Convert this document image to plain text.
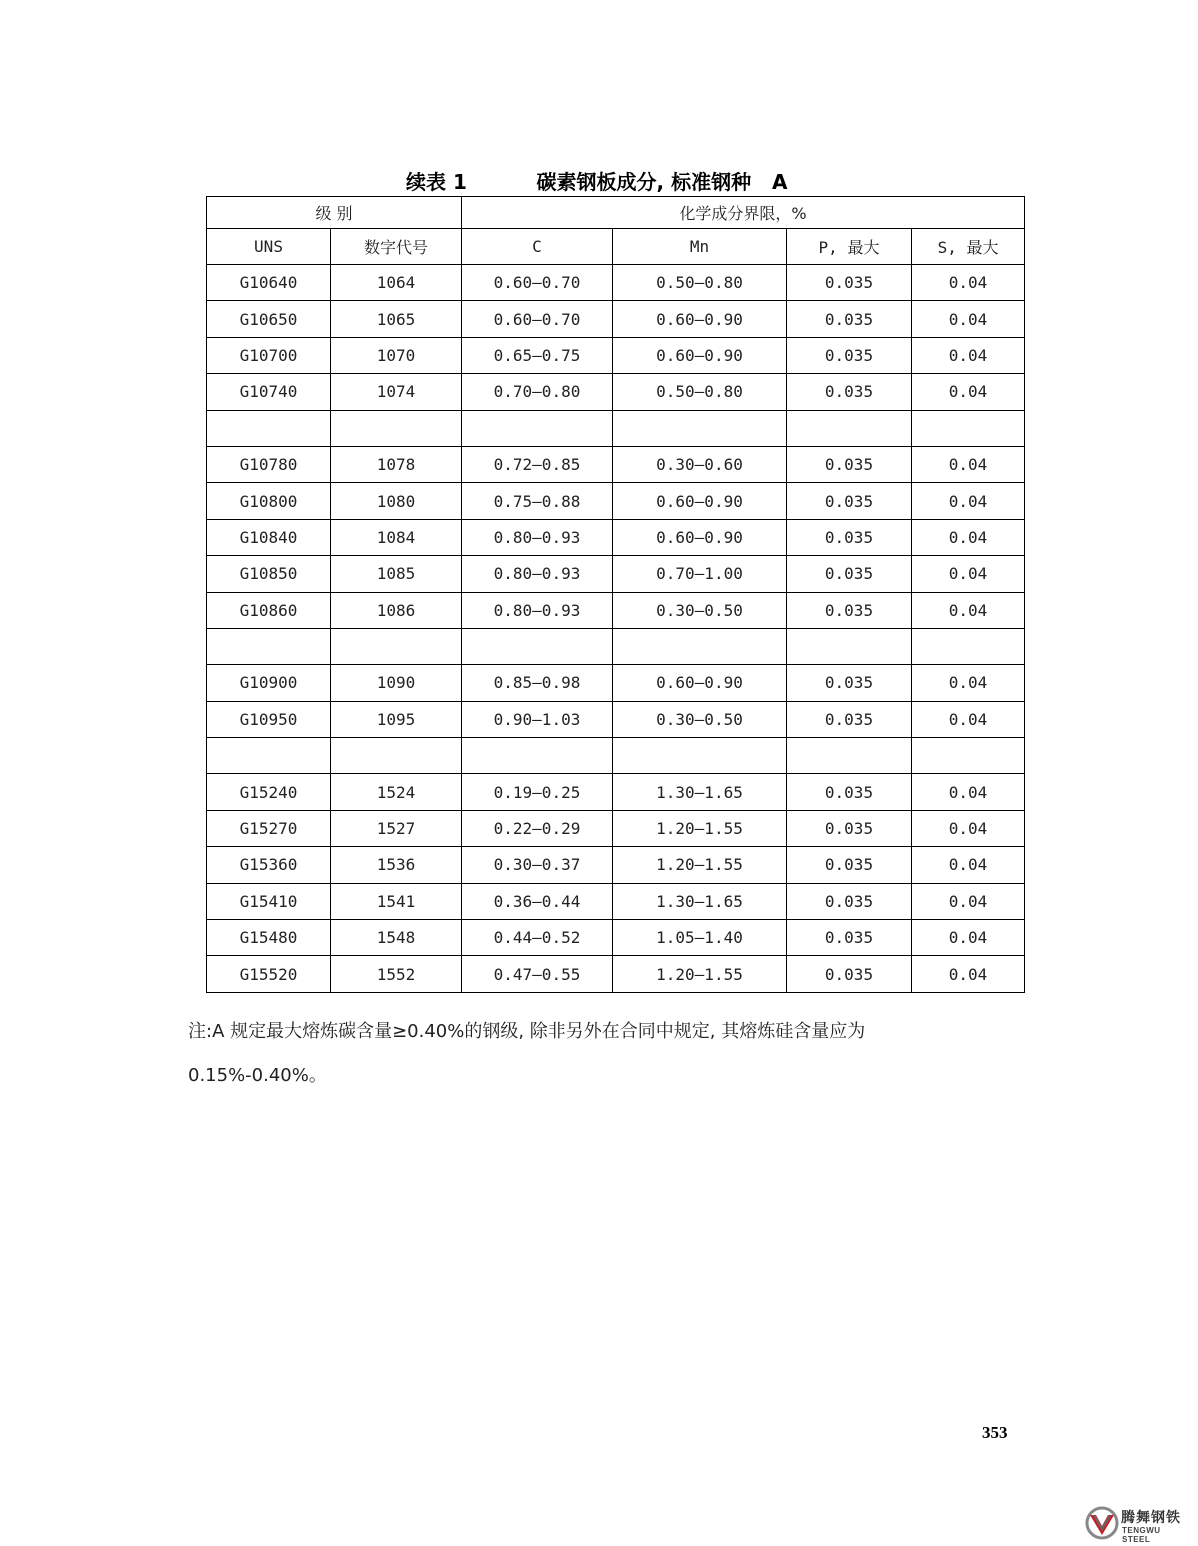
续表 1          碳素钢板成分, 标准钢种   A
级 别		化学成分界限，%			
UNS	数字代号	C	Mn	P, 最大	S, 最大
G10640	1064	0.60—0.70	0.50—0.80	0.035	0.04
G10650	1065	0.60—0.70	0.60—0.90	0.035	0.04
G10700	1070	0.65—0.75	0.60—0.90	0.035	0.04
G10740	1074	0.70—0.80	0.50—0.80	0.035	0.04

G10780	1078	0.72—0.85	0.30—0.60	0.035	0.04
G10800	1080	0.75—0.88	0.60—0.90	0.035	0.04
G10840	1084	0.80—0.93	0.60—0.90	0.035	0.04
G10850	1085	0.80—0.93	0.70—1.00	0.035	0.04
G10860	1086	0.80—0.93	0.30—0.50	0.035	0.04

G10900	1090	0.85—0.98	0.60—0.90	0.035	0.04
G10950	1095	0.90—1.03	0.30—0.50	0.035	0.04

G15240	1524	0.19—0.25	1.30—1.65	0.035	0.04
G15270	1527	0.22—0.29	1.20—1.55	0.035	0.04
G15360	1536	0.30—0.37	1.20—1.55	0.035	0.04
G15410	1541	0.36—0.44	1.30—1.65	0.035	0.04
G15480	1548	0.44—0.52	1.05—1.40	0.035	0.04
G15520	1552	0.47—0.55	1.20—1.55	0.035	0.04
注:A 规定最大熔炼碳含量≥0.40%的钢级, 除非另外在合同中规定, 其熔炼硅含量应为
0.15%-0.40%。
353
腾舞钢铁
TENGWU STEEL
